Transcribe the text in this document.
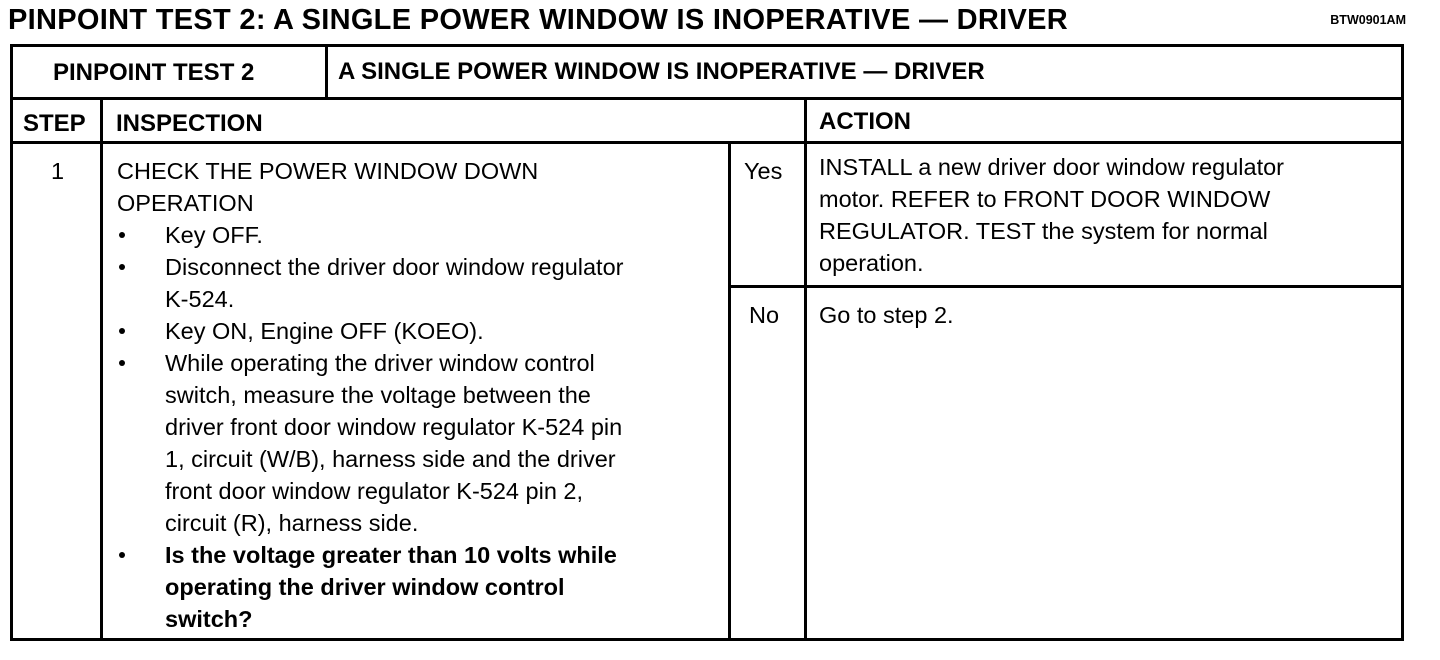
PINPOINT TEST 2: A SINGLE POWER WINDOW IS INOPERATIVE — DRIVER	BTW0901AM
PINPOINT TEST 2	A SINGLE POWER WINDOW IS INOPERATIVE — DRIVER
STEP INSPECTION	ACTION
1 CHECK THE POWER WINDOW DOWN
OPERATION
Key OFF.
Disconnect the driver door window regulator
K-524.
Key ON, Engine OFF (KOEO).
While operating the driver window control
switch, measure the voltage between the
driver front door window regulator K-524 pin
1, circuit (W/B), harness side and the driver
front door window regulator K-524 pin 2,
circuit (R), harness side.
Is the voltage greater than 10 volts while
operating the driver window control
switch?
Yes INSTALL a new driver door window regulator
motor. REFER to FRONT DOOR WINDOW
REGULATOR. TEST the system for normal
operation.
No Go to step 2.
